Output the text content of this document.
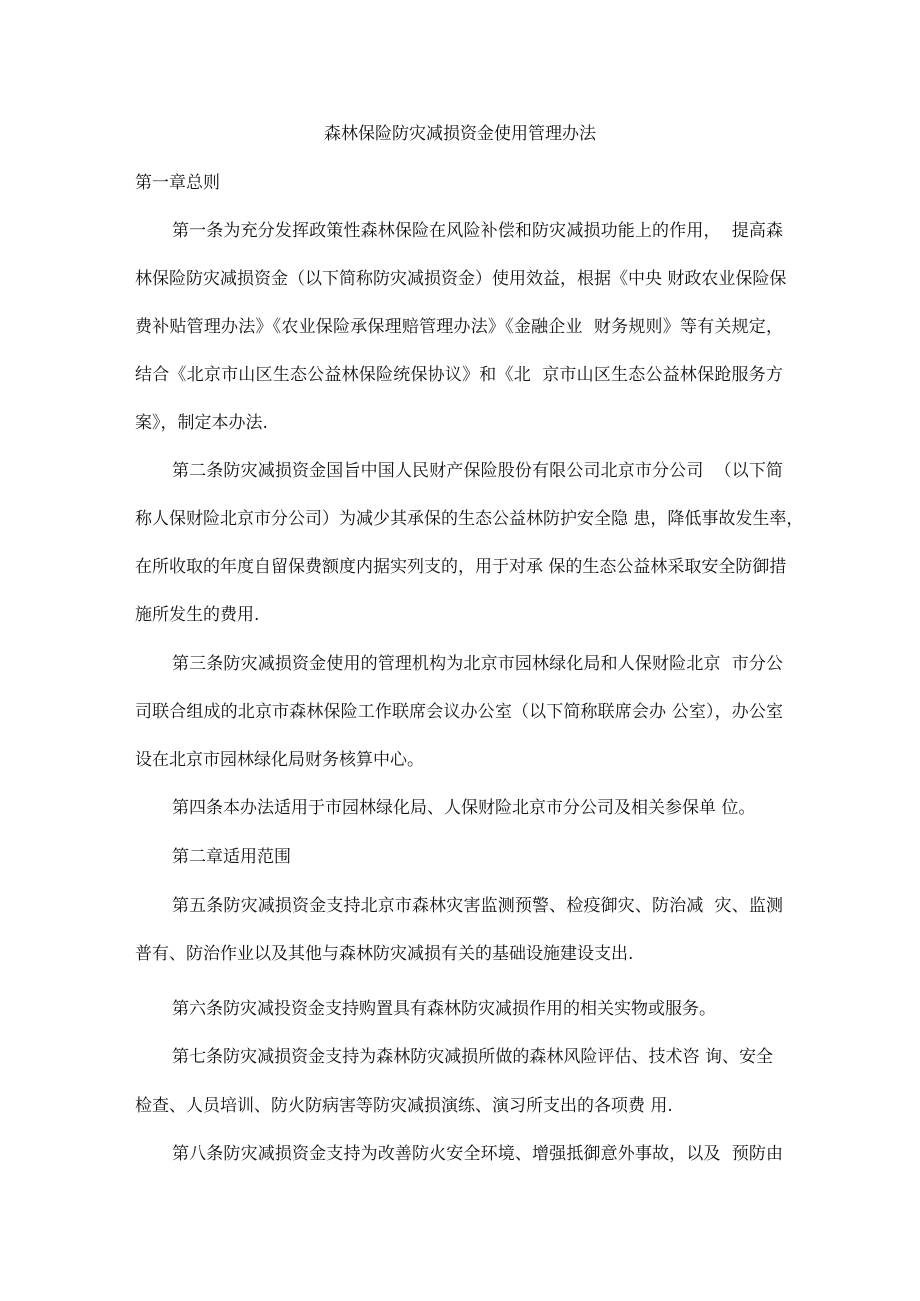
森林保险防灾减损资金使用管理办法
第一章总则
第一条为充分发挥政策性森林保险在风险补偿和防灾减损功能上的作用，  提高森
林保险防灾减损资金（以下简称防灾减损资金）使用效益，根据《中央 财政农业保险保
费补贴管理办法》《农业保险承保理赔管理办法》《金融企业  财务规则》等有关规定，
结合《北京市山区生态公益林保险统保协议》和《北  京市山区生态公益林保跄服务方
案》，制定本办法.
第二条防灾减损资金国旨中国人民财产保险股份有限公司北京市分公司  （以下简
称人保财险北京市分公司）为减少其承保的生态公益林防护安全隐 患，降低事故发生率，
在所收取的年度自留保费额度内据实列支的，用于对承 保的生态公益林采取安全防御措
施所发生的费用.
第三条防灾减损资金使用的管理机构为北京市园林绿化局和人保财险北京  市分公
司联合组成的北京市森林保险工作联席会议办公室（以下简称联席会办 公室），办公室
设在北京市园林绿化局财务核算中心。
第四条本办法适用于市园林绿化局、人保财险北京市分公司及相关参保单 位。
第二章适用范围
第五条防灾减损资金支持北京市森林灾害监测预警、检疫御灾、防治减  灾、监测
普有、防治作业以及其他与森林防灾减损有关的基础设施建设支出.
第六条防灾减投资金支持购置具有森林防灾减损作用的相关实物或服务。
第七条防灾减损资金支持为森林防灾减损所做的森林风险评估、技术咨 询、安全
检查、人员培训、防火防病害等防灾减损演练、演习所支出的各项费 用.
第八条防灾减损资金支持为改善防火安全环境、增强抵御意外事故，以及  预防由
